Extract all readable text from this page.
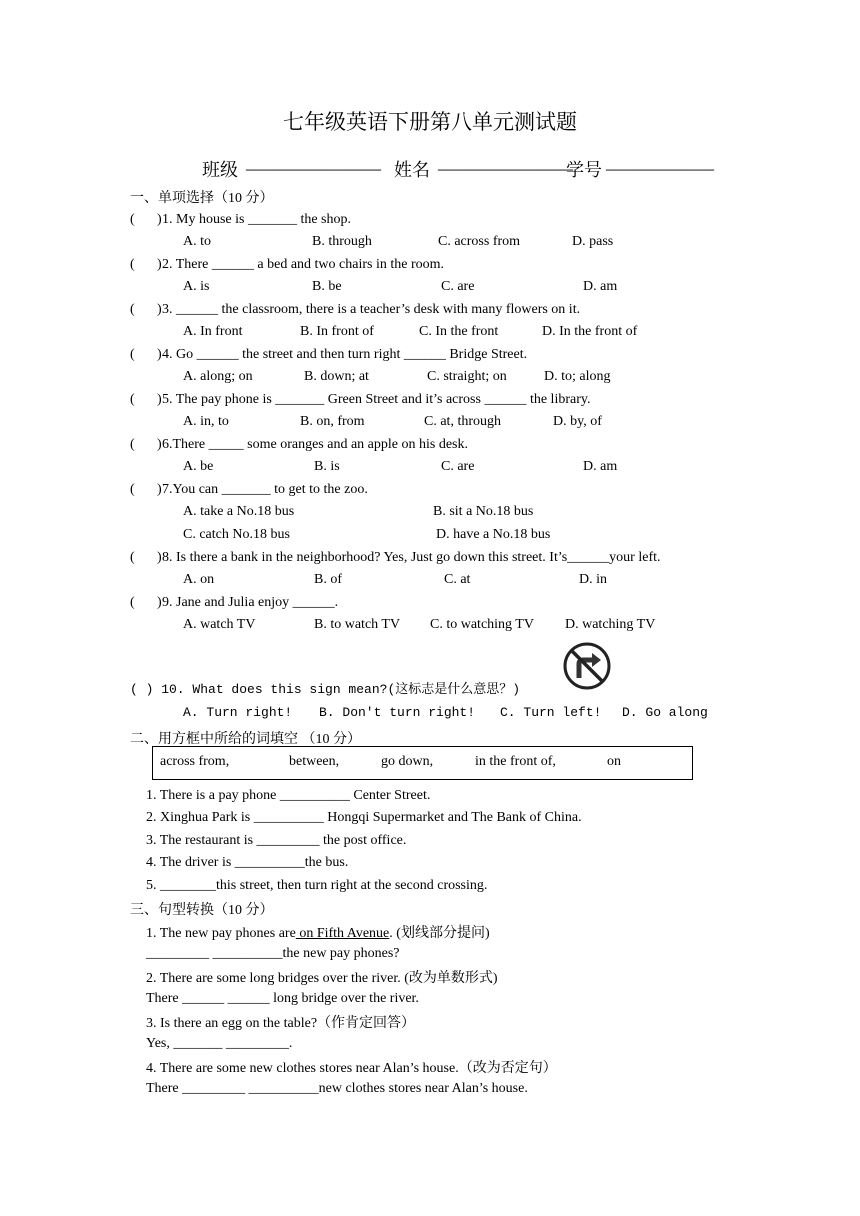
七年级英语下册第八单元测试题
班级 _______________ 姓名 _______________
学号 ____________
一、单项选择（10 分）
( ) 1. My house is _______ the shop.
A. to	B. through	C. across from	D. pass
( ) 2. There ______ a bed and two chairs in the room.
A. is	B. be	C. are	D. am
( ) 3. ______ the classroom, there is a teacher’s desk with many flowers on it.
A. In front	B. In front of	C. In the front	D. In the front of
( ) 4. Go ______ the street and then turn right ______ Bridge Street.
A. along; on	B. down; at	C. straight; on	D. to; along
( ) 5. The pay phone is _______ Green Street and it’s across ______ the library.
A. in, to	B. on, from	C. at, through	D. by, of
( ) 6.There _____ some oranges and an apple on his desk.
A. be	B. is	C. are	D. am
( ) 7.You can _______ to get to the zoo.
A. take a No.18 bus	B. sit a No.18 bus
C. catch No.18 bus	D. have a No.18 bus
( ) 8. Is there a bank in the neighborhood? Yes, Just go down this street. It’s______your left.
A. on	B. of	C. at	D. in
( ) 9. Jane and Julia enjoy ______.
A. watch TV	B. to watch TV C. to watching TV D. watching TV
( ) 10. What does this sign mean?(这标志是什么意思？)
A. Turn right! B. Don't turn right! C. Turn left! D. Go along
二、用方框中所给的词填空 （10 分）
across from,	between,	go down,	in the front of,	on
1. There is a pay phone __________ Center Street.
2. Xinghua Park is __________ Hongqi Supermarket and The Bank of China.
3. The restaurant is _________ the post office.
4. The driver is __________the bus.
5. ________this street, then turn right at the second crossing.
三、句型转换（10 分）
1. The new pay phones are on Fifth Avenue. (划线部分提问)
_________ __________the new pay phones?
2. There are some long bridges over the river. (改为单数形式)
There ______ ______ long bridge over the river.
3. Is there an egg on the table?（作肯定回答）
Yes, _______ _________.
4. There are some new clothes stores near Alan’s house.（改为否定句）
There _________ __________new clothes stores near Alan’s house.
